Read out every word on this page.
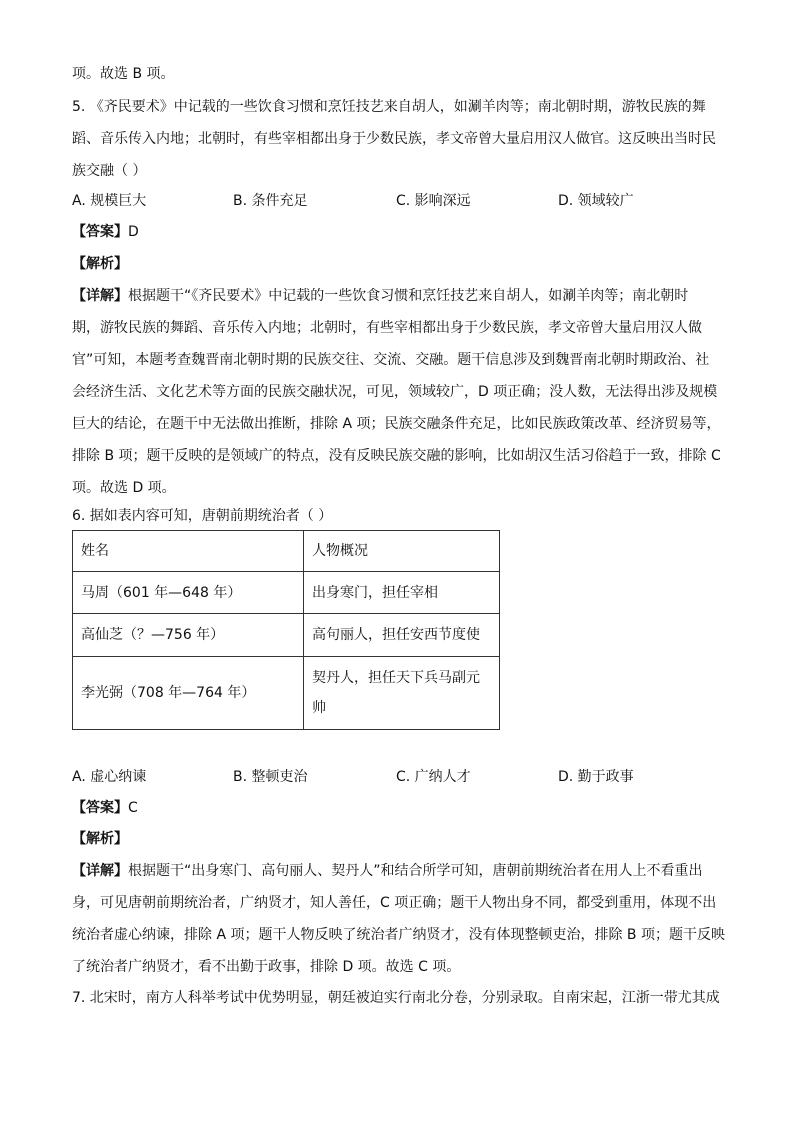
项。故选 B 项。
5. 《齐民要术》中记载的一些饮食习惯和烹饪技艺来自胡人，如涮羊肉等；南北朝时期，游牧民族的舞
蹈、音乐传入内地；北朝时，有些宰相都出身于少数民族，孝文帝曾大量启用汉人做官。这反映出当时民
族交融（ ）
A. 规模巨大	B. 条件充足	C. 影响深远	D. 领域较广
【答案】D
【解析】
【详解】根据题干“《齐民要术》中记载的一些饮食习惯和烹饪技艺来自胡人，如涮羊肉等；南北朝时
期，游牧民族的舞蹈、音乐传入内地；北朝时，有些宰相都出身于少数民族，孝文帝曾大量启用汉人做
官”可知，本题考查魏晋南北朝时期的民族交往、交流、交融。题干信息涉及到魏晋南北朝时期政治、社
会经济生活、文化艺术等方面的民族交融状况，可见，领域较广，D 项正确；没人数，无法得出涉及规模
巨大的结论，在题干中无法做出推断，排除 A 项；民族交融条件充足，比如民族政策改革、经济贸易等，
排除 B 项；题干反映的是领域广的特点，没有反映民族交融的影响，比如胡汉生活习俗趋于一致，排除 C
项。故选 D 项。
6. 据如表内容可知，唐朝前期统治者（ ）
姓名	人物概况
马周（601 年—648 年）	出身寒门，担任宰相
高仙芝（？—756 年）	高句丽人，担任安西节度使
李光弼（708 年—764 年）	契丹人，担任天下兵马副元
帅
A. 虚心纳谏	B. 整顿吏治	C. 广纳人才	D. 勤于政事
【答案】C
【解析】
【详解】根据题干“出身寒门、高句丽人、契丹人”和结合所学可知，唐朝前期统治者在用人上不看重出
身，可见唐朝前期统治者，广纳贤才，知人善任，C 项正确；题干人物出身不同，都受到重用，体现不出
统治者虚心纳谏，排除 A 项；题干人物反映了统治者广纳贤才，没有体现整顿吏治，排除 B 项；题干反映
了统治者广纳贤才，看不出勤于政事，排除 D 项。故选 C 项。
7. 北宋时，南方人科举考试中优势明显，朝廷被迫实行南北分卷，分别录取。自南宋起，江浙一带尤其成
